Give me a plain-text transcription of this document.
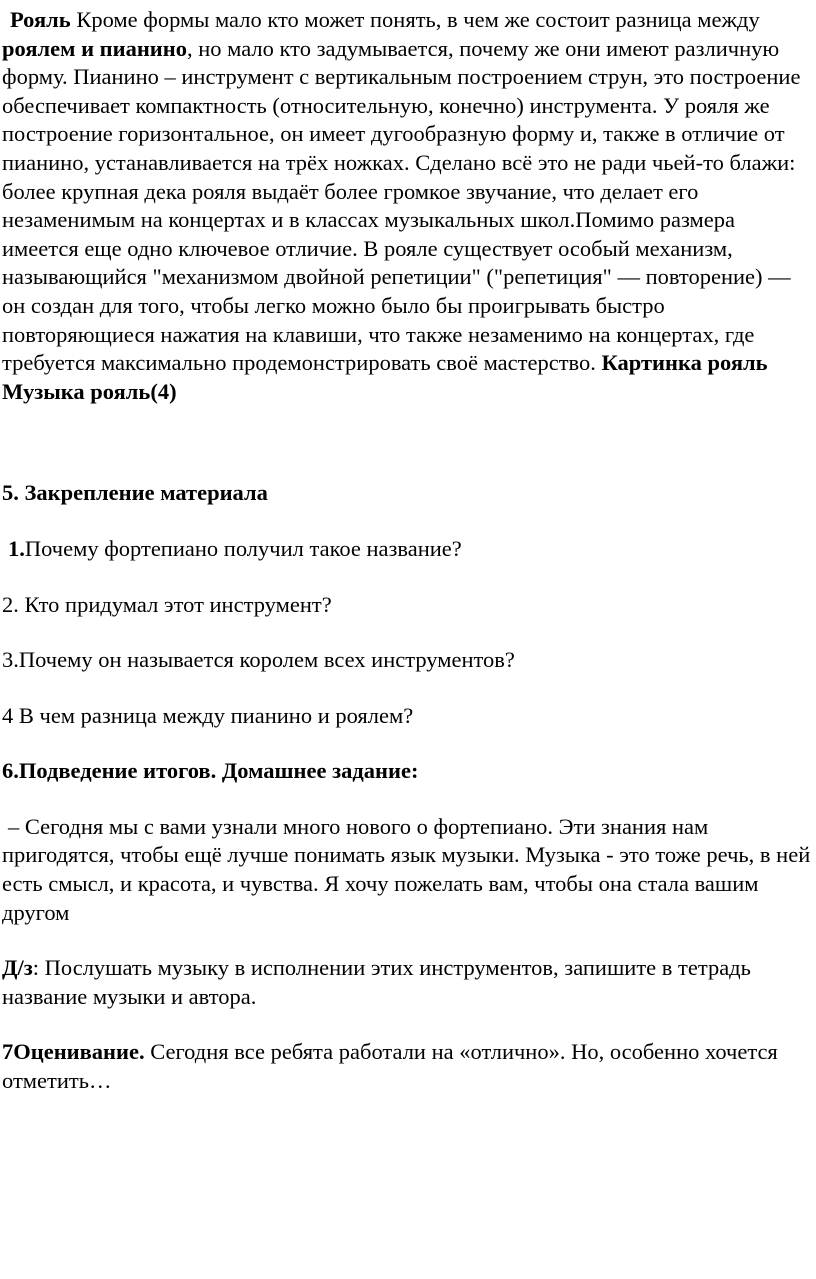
Рояль Кроме формы мало кто может понять, в чем же состоит разница между роялем и пианино, но мало кто задумывается, почему же они имеют различную форму. Пианино – инструмент с вертикальным построением струн, это построение обеспечивает компактность (относительную, конечно) инструмента. У рояля же построение горизонтальное, он имеет дугообразную форму и, также в отличие от пианино, устанавливается на трёх ножках. Сделано всё это не ради чьей-то блажи: более крупная дека рояля выдаёт более громкое звучание, что делает его незаменимым на концертах и в классах музыкальных школ.Помимо размера имеется еще одно ключевое отличие. В рояле существует особый механизм, называющийся "механизмом двойной репетиции" ("репетиция" — повторение) — он создан для того, чтобы легко можно было бы проигрывать быстро повторяющиеся нажатия на клавиши, что также незаменимо на концертах, где требуется максимально продемонстрировать своё мастерство. Картинка рояль Музыка рояль(4)

5. Закрепление материала

1.Почему фортепиано получил такое название?

2. Кто придумал этот инструмент?

3.Почему он называется королем всех инструментов?

4 В чем разница между пианино и роялем?

6.Подведение итогов. Домашнее задание:

– Сегодня мы с вами узнали много нового о фортепиано. Эти знания нам пригодятся, чтобы ещё лучше понимать язык музыки. Музыка - это тоже речь, в ней есть смысл, и красота, и чувства. Я хочу пожелать вам, чтобы она стала вашим другом

Д/з: Послушать музыку в исполнении этих инструментов, запишите в тетрадь название музыки и автора.

7Оценивание. Сегодня все ребята работали на «отлично». Но, особенно хочется отметить…
